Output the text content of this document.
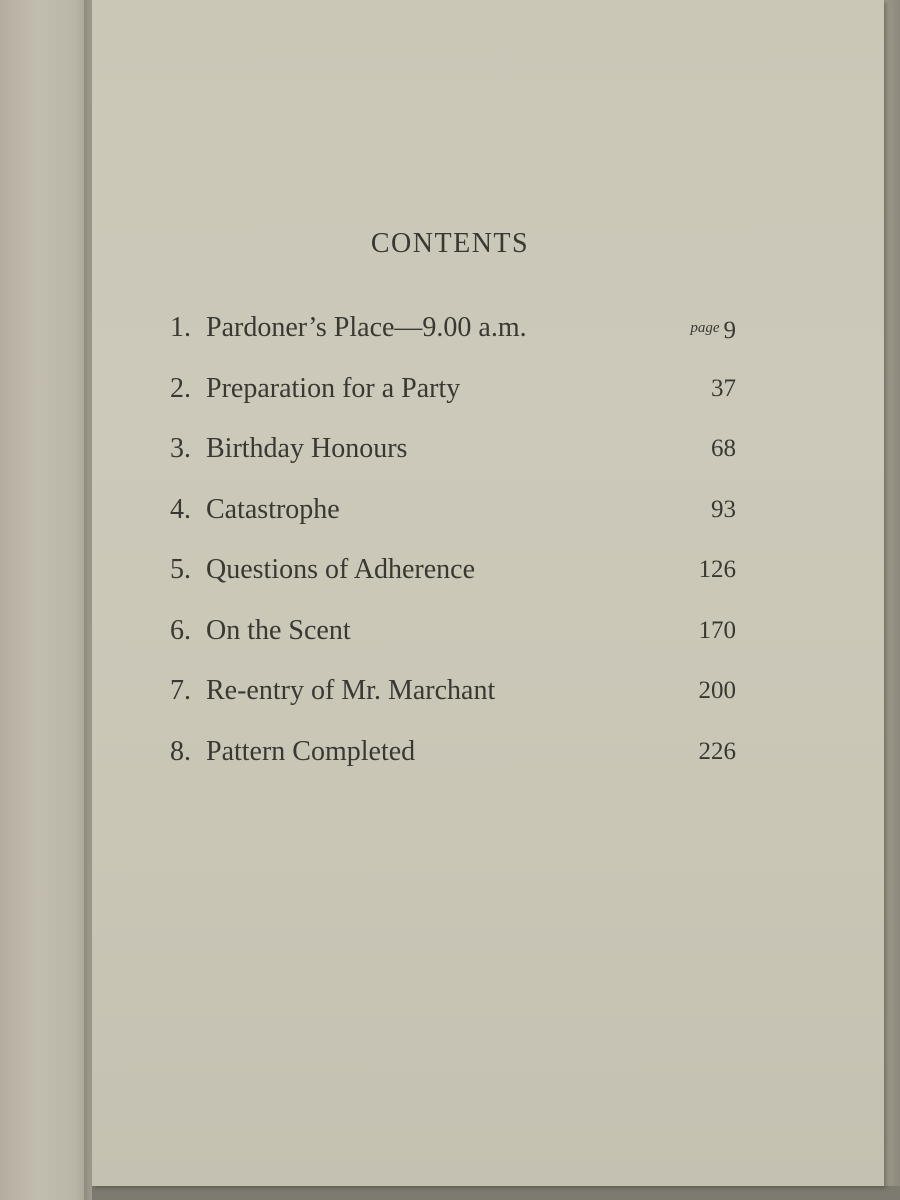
CONTENTS
1. Pardoner’s Place—9.00 a.m.	$^{page}$ 9
2. Preparation for a Party	37
3. Birthday Honours	68
4. Catastrophe	93
5. Questions of Adherence	126
6. On the Scent	170
7. Re-entry of Mr. Marchant	200
8. Pattern Completed	226
